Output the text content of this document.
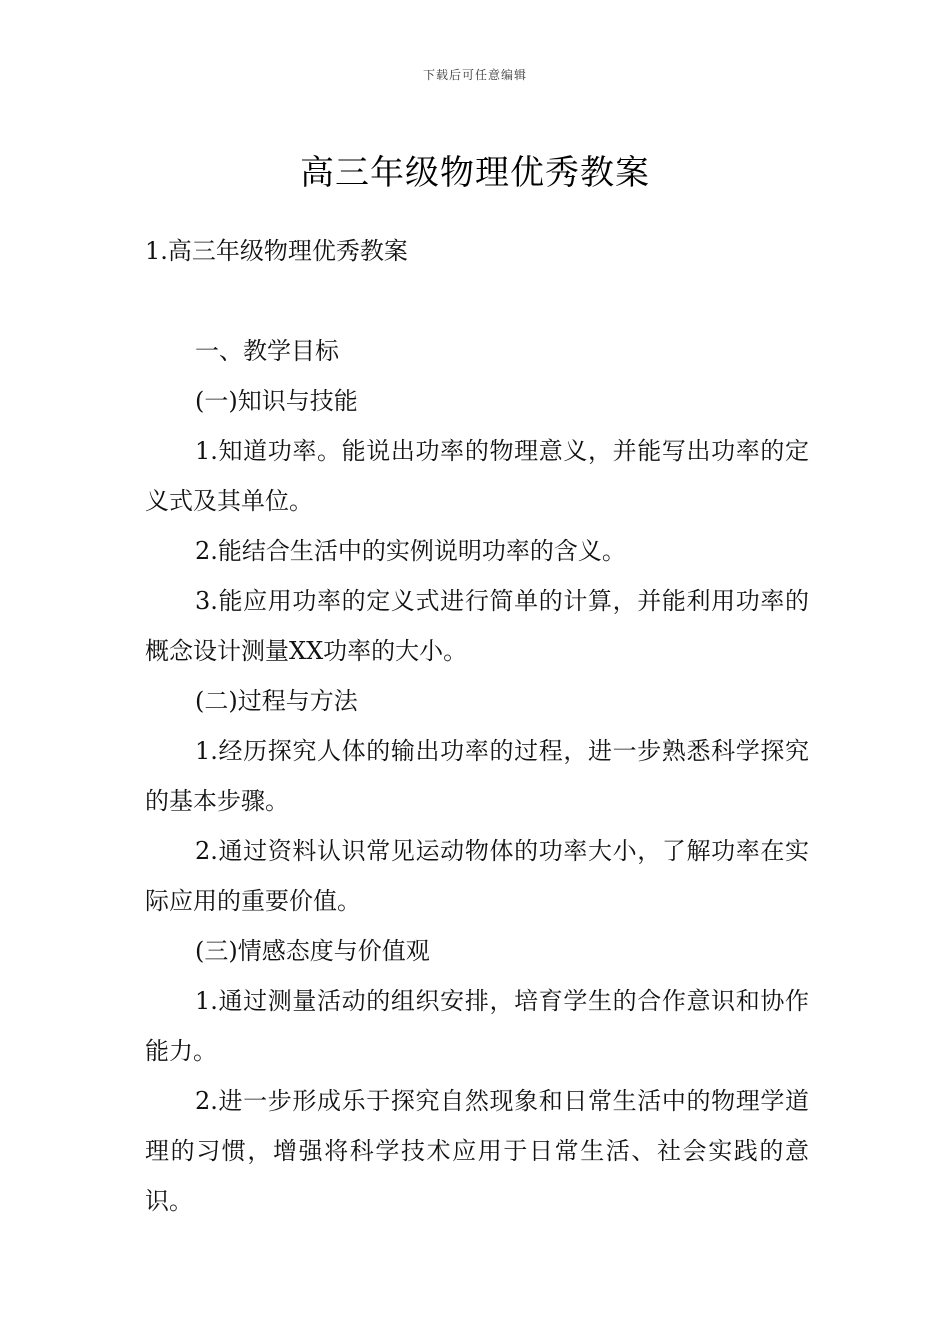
下载后可任意编辑
高三年级物理优秀教案

1.高三年级物理优秀教案

一、教学目标

(一)知识与技能

1.知道功率。能说出功率的物理意义，并能写出功率的定义式及其单位。

2.能结合生活中的实例说明功率的含义。

3.能应用功率的定义式进行简单的计算，并能利用功率的概念设计测量XX功率的大小。

(二)过程与方法

1.经历探究人体的输出功率的过程，进一步熟悉科学探究的基本步骤。

2.通过资料认识常见运动物体的功率大小，了解功率在实际应用的重要价值。

(三)情感态度与价值观

1.通过测量活动的组织安排，培育学生的合作意识和协作能力。

2.进一步形成乐于探究自然现象和日常生活中的物理学道理的习惯，增强将科学技术应用于日常生活、社会实践的意识。
